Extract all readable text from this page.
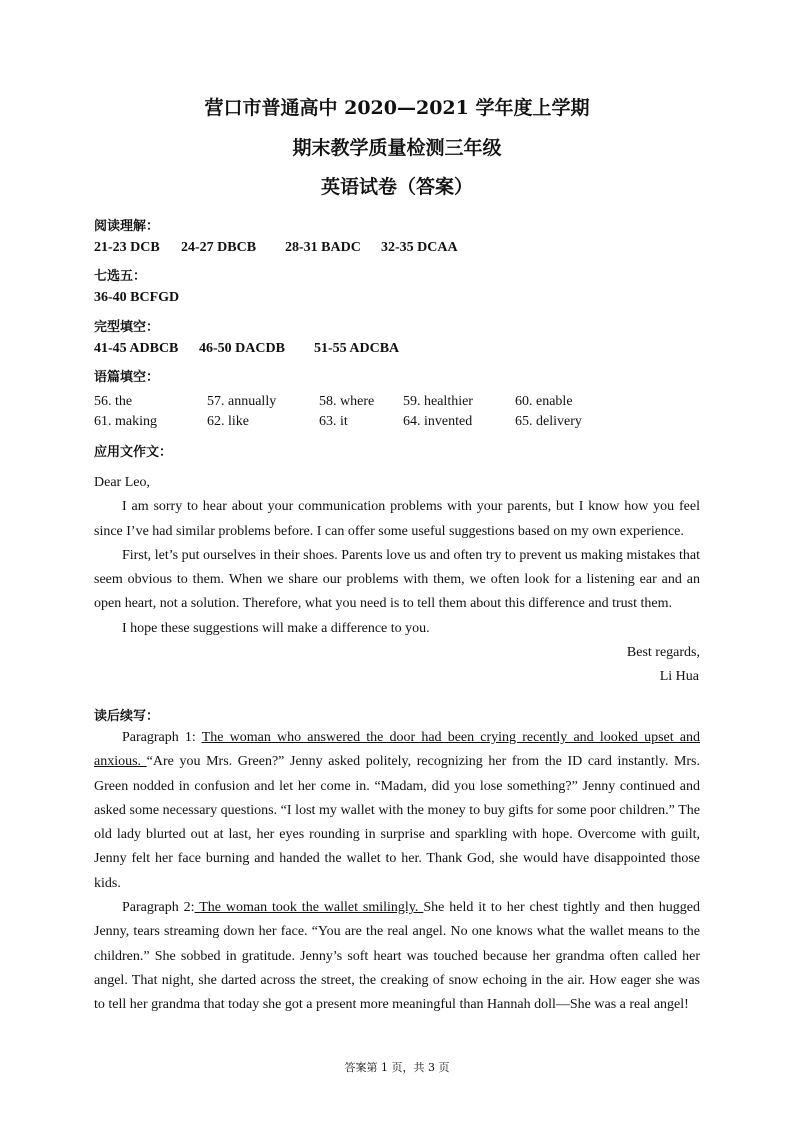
营口市普通高中 2020—2021 学年度上学期
期末教学质量检测三年级
英语试卷（答案）
阅读理解：
21-23 DCB 24-27 DBCB 28-31 BADC 32-35 DCAA
七选五：
36-40 BCFGD
完型填空：
41-45 ADBCB 46-50 DACDB 51-55 ADCBA
语篇填空：
56. the	57. annually	58. where 59. healthier	60. enable
61. making	62. like	63. it	64. invented	65. delivery
应用文作文：

Dear Leo,

I am sorry to hear about your communication problems with your parents, but I know how you feel since I’ve had similar problems before. I can offer some useful suggestions based on my own experience.

First, let’s put ourselves in their shoes. Parents love us and often try to prevent us making mistakes that seem obvious to them. When we share our problems with them, we often look for a listening ear and an open heart, not a solution. Therefore, what you need is to tell them about this difference and trust them.

I hope these suggestions will make a difference to you.

Best regards,

Li Hua

读后续写：

Paragraph 1: The woman who answered the door had been crying recently and looked upset and anxious. “Are you Mrs. Green?” Jenny asked politely, recognizing her from the ID card instantly. Mrs. Green nodded in confusion and let her come in. “Madam, did you lose something?” Jenny continued and asked some necessary questions. “I lost my wallet with the money to buy gifts for some poor children.” The old lady blurted out at last, her eyes rounding in surprise and sparkling with hope. Overcome with guilt, Jenny felt her face burning and handed the wallet to her. Thank God, she would have disappointed those kids.

Paragraph 2: The woman took the wallet smilingly. She held it to her chest tightly and then hugged Jenny, tears streaming down her face. “You are the real angel. No one knows what the wallet means to the children.” She sobbed in gratitude. Jenny’s soft heart was touched because her grandma often called her angel. That night, she darted across the street, the creaking of snow echoing in the air. How eager she was to tell her grandma that today she got a present more meaningful than Hannah doll—She was a real angel!

答案第 1 页，共 3 页
